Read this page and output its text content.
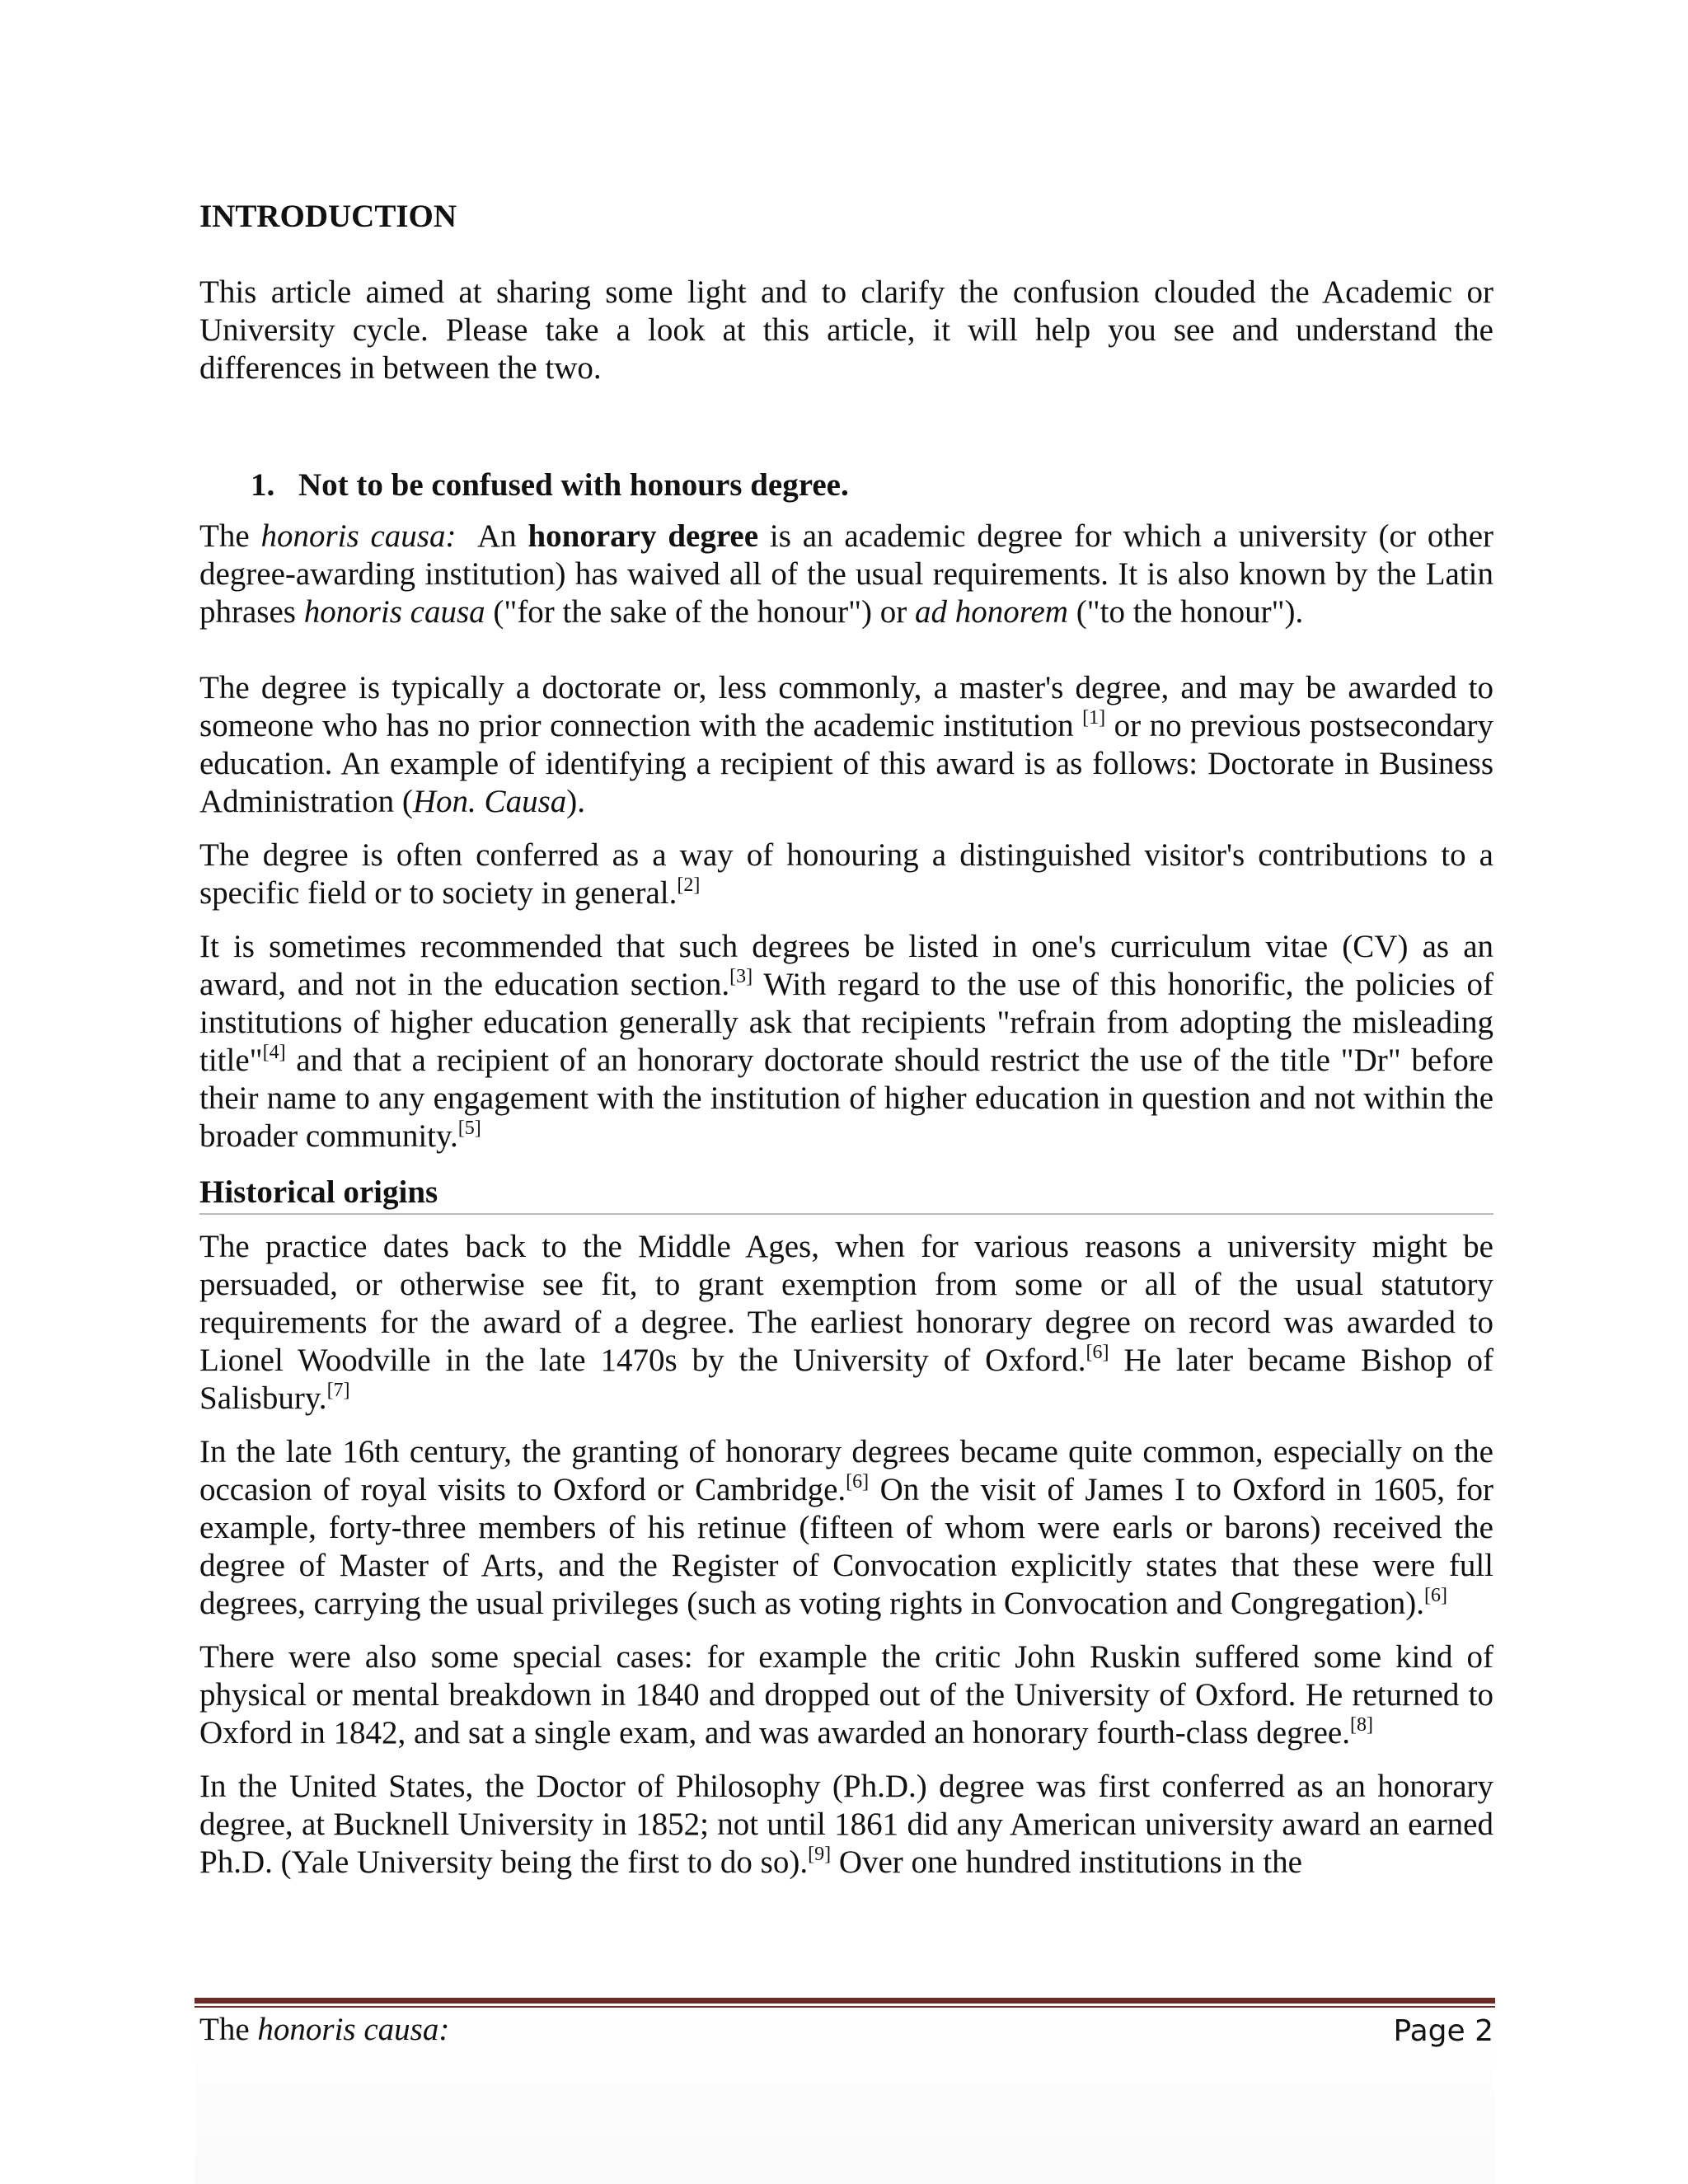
INTRODUCTION

This article aimed at sharing some light and to clarify the confusion clouded the Academic or University cycle. Please take a look at this article, it will help you see and understand the differences in between the two.

1. Not to be confused with honours degree.

The honoris causa:  An honorary degree is an academic degree for which a university (or other degree-awarding institution) has waived all of the usual requirements. It is also known by the Latin phrases honoris causa ("for the sake of the honour") or ad honorem ("to the honour").

The degree is typically a doctorate or, less commonly, a master's degree, and may be awarded to someone who has no prior connection with the academic institution [1] or no previous postsecondary education. An example of identifying a recipient of this award is as follows: Doctorate in Business Administration (Hon. Causa).

The degree is often conferred as a way of honouring a distinguished visitor's contributions to a specific field or to society in general.[2]

It is sometimes recommended that such degrees be listed in one's curriculum vitae (CV) as an award, and not in the education section.[3] With regard to the use of this honorific, the policies of institutions of higher education generally ask that recipients "refrain from adopting the misleading title"[4] and that a recipient of an honorary doctorate should restrict the use of the title "Dr" before their name to any engagement with the institution of higher education in question and not within the broader community.[5]

Historical origins

The practice dates back to the Middle Ages, when for various reasons a university might be persuaded, or otherwise see fit, to grant exemption from some or all of the usual statutory requirements for the award of a degree. The earliest honorary degree on record was awarded to Lionel Woodville in the late 1470s by the University of Oxford.[6] He later became Bishop of Salisbury.[7]

In the late 16th century, the granting of honorary degrees became quite common, especially on the occasion of royal visits to Oxford or Cambridge.[6] On the visit of James I to Oxford in 1605, for example, forty-three members of his retinue (fifteen of whom were earls or barons) received the degree of Master of Arts, and the Register of Convocation explicitly states that these were full degrees, carrying the usual privileges (such as voting rights in Convocation and Congregation).[6]

There were also some special cases: for example the critic John Ruskin suffered some kind of physical or mental breakdown in 1840 and dropped out of the University of Oxford. He returned to Oxford in 1842, and sat a single exam, and was awarded an honorary fourth-class degree.[8]

In the United States, the Doctor of Philosophy (Ph.D.) degree was first conferred as an honorary degree, at Bucknell University in 1852; not until 1861 did any American university award an earned Ph.D. (Yale University being the first to do so).[9] Over one hundred institutions in the

The honoris causa:	Page 2
